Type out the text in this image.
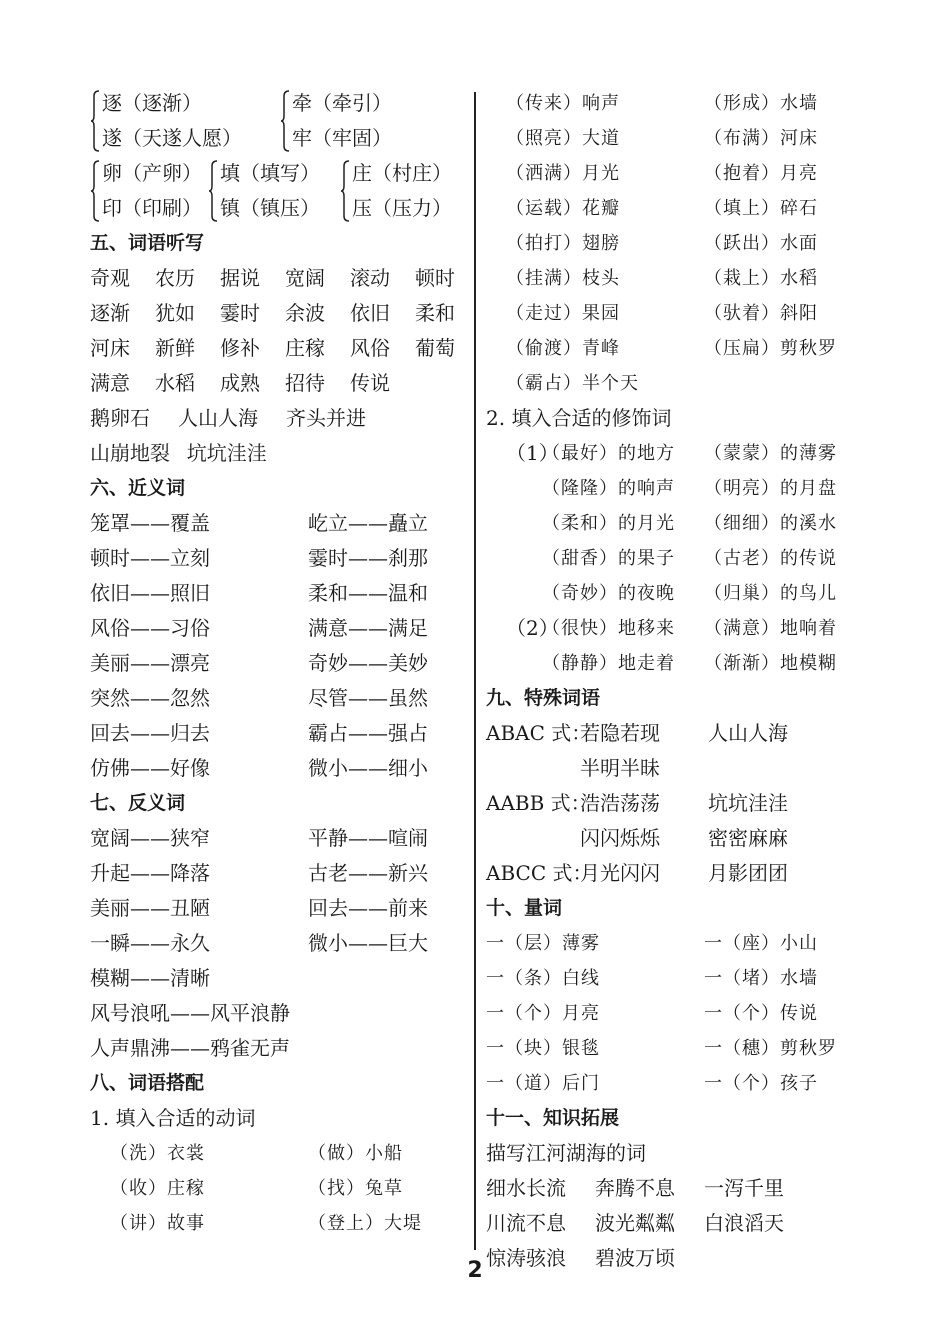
逐（逐渐）
遂（天遂人愿）
牵（牵引）
牢（牢固）
卵（产卵）
印（印刷）
填（填写）
镇（镇压）
庄（村庄）
压（压力）
五、词语听写
奇观 农历 据说 宽阔 滚动 顿时
逐渐 犹如 霎时 余波 依旧 柔和
河床 新鲜 修补 庄稼 风俗 葡萄
满意 水稻 成熟 招待 传说
鹅卵石 人山人海 齐头并进
山崩地裂 坑坑洼洼
六、近义词
笼罩——覆盖	屹立——矗立
顿时——立刻	霎时——刹那
依旧——照旧	柔和——温和
风俗——习俗	满意——满足
美丽——漂亮	奇妙——美妙
突然——忽然	尽管——虽然
回去——归去	霸占——强占
仿佛——好像	微小——细小
七、反义词
宽阔——狭窄	平静——喧闹
升起——降落	古老——新兴
美丽——丑陋	回去——前来
一瞬——永久	微小——巨大
模糊——清晰
风号浪吼——风平浪静
人声鼎沸——鸦雀无声
八、词语搭配
1. 填入合适的动词
（洗）衣裳	（做）小船
（收）庄稼	（找）兔草
（讲）故事	（登上）大堤
（传来）响声	（形成）水墙
（照亮）大道	（布满）河床
（洒满）月光	（抱着）月亮
（运载）花瓣	（填上）碎石
（拍打）翅膀	（跃出）水面
（挂满）枝头	（栽上）水稻
（走过）果园	（驮着）斜阳
（偷渡）青峰	（压扁）剪秋罗
（霸占）半个天
2. 填入合适的修饰词
（1）
（最好）的地方 （蒙蒙）的薄雾
（隆隆）的响声 （明亮）的月盘
（柔和）的月光 （细细）的溪水
（甜香）的果子 （古老）的传说
（奇妙）的夜晚 （归巢）的鸟儿
（2）
（很快）地移来 （满意）地响着
（静静）地走着 （渐渐）地模糊
九、特殊词语
ABAC 式：
若隐若现 人山人海
半明半昧
AABB 式：
浩浩荡荡 坑坑洼洼
闪闪烁烁 密密麻麻
ABCC 式：
月光闪闪 月影团团
十、量词
一（层）薄雾	一（座）小山
一（条）白线	一（堵）水墙
一（个）月亮	一（个）传说
一（块）银毯	一（穗）剪秋罗
一（道）后门	一（个）孩子
十一、知识拓展
描写江河湖海的词
细水长流 奔腾不息 一泻千里
川流不息 波光粼粼 白浪滔天
惊涛骇浪 碧波万顷
2
